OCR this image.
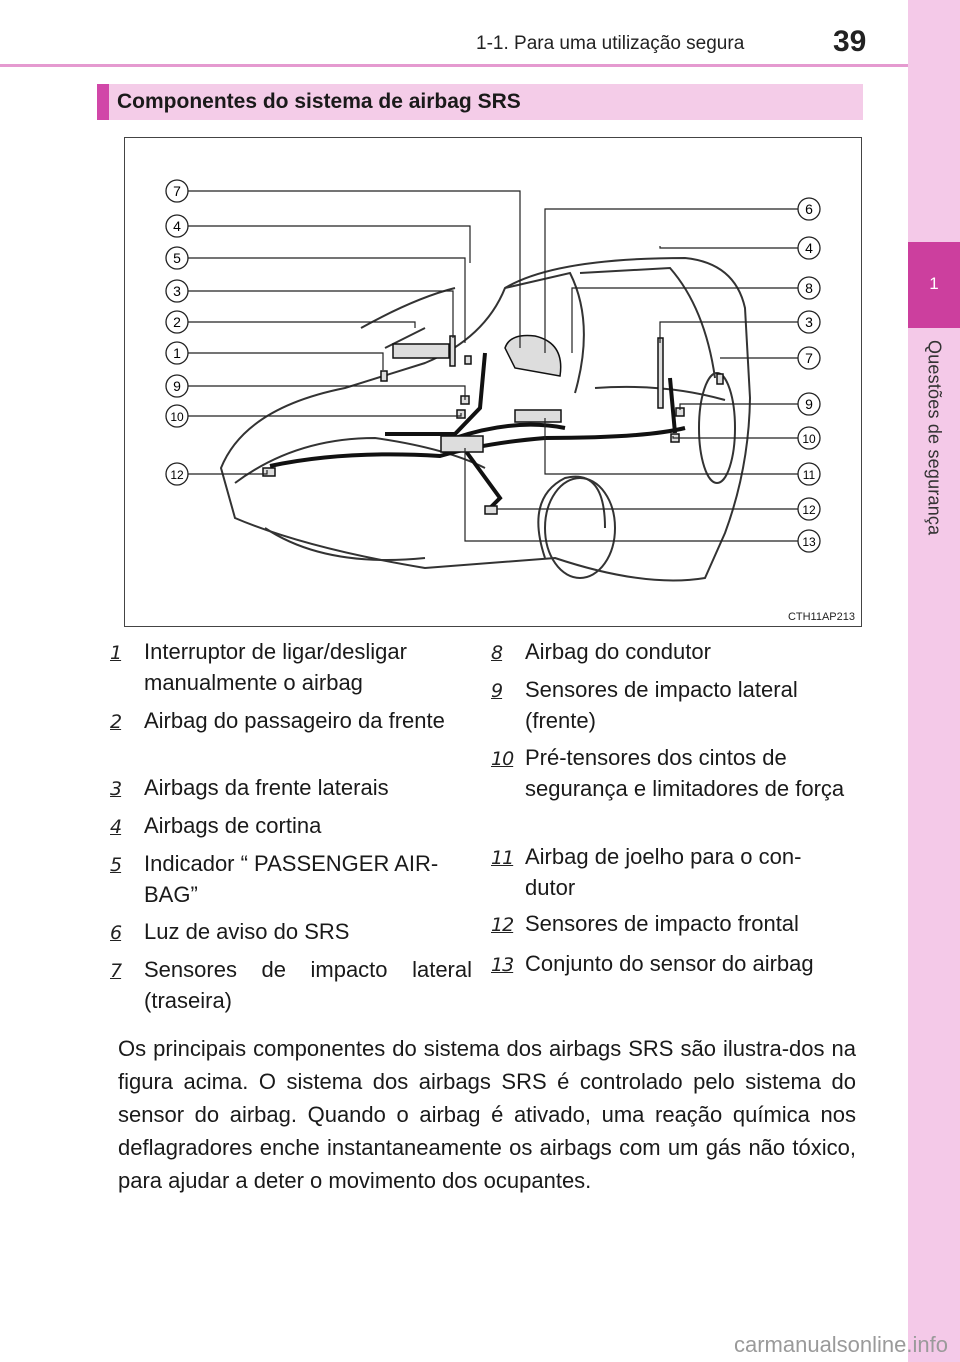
1-1. Para uma utilização segura	39
1
Questões de segurança
Componentes do sistema de airbag SRS
7
4
5
3
2
1
9
10
12
6
4
8
3
7
9
10
11
12
13
CTH11AP213
1 Interruptor de ligar/desligar manualmente o airbag
2 Airbag do passageiro da frente
3 Airbags da frente laterais
4 Airbags de cortina
5 Indicador “ PASSENGER AIR-BAG”
6 Luz de aviso do SRS
7 Sensores de impacto lateral (traseira)
8 Airbag do condutor
9 Sensores de impacto lateral (frente)
10 Pré-tensores dos cintos de segurança e limitadores de força
11 Airbag de joelho para o con-dutor
12 Sensores de impacto frontal
13 Conjunto do sensor do airbag
Os principais componentes do sistema dos airbags SRS são ilustra-dos na figura acima. O sistema dos airbags SRS é controlado pelo sistema do sensor do airbag. Quando o airbag é ativado, uma reação química nos deflagradores enche instantaneamente os airbags com um gás não tóxico, para ajudar a deter o movimento dos ocupantes.
carmanualsonline.info
